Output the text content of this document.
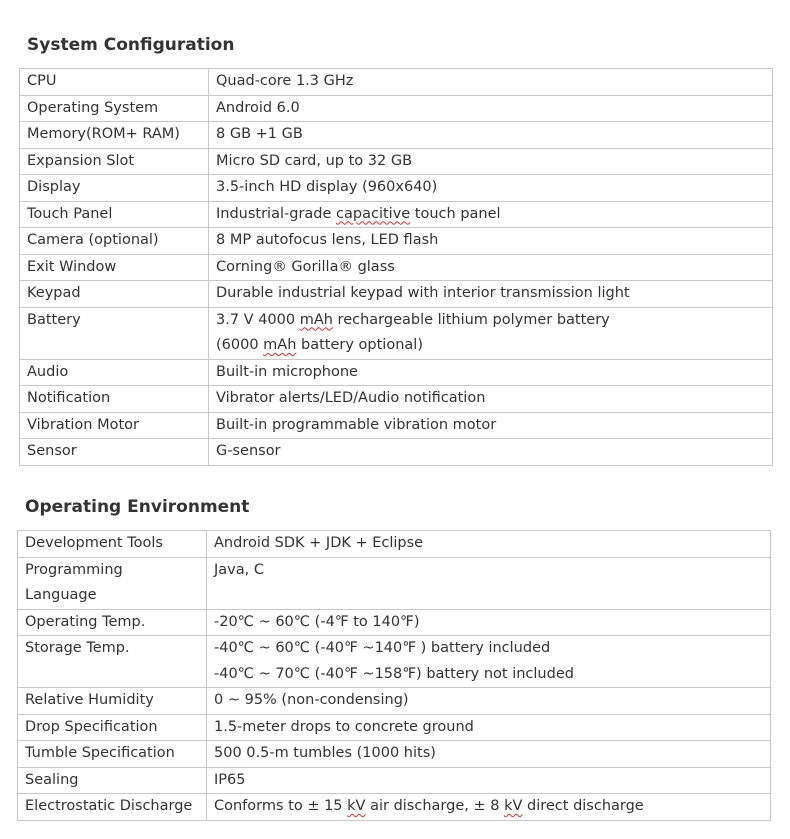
System Configuration
CPU	Quad-core 1.3 GHz

Operating System	Android 6.0

Memory(ROM+ RAM)	8 GB +1 GB

Expansion Slot	Micro SD card, up to 32 GB

Display	3.5-inch HD display (960x640)

Touch Panel	Industrial-grade capacitive touch panel

Camera (optional)	8 MP autofocus lens, LED flash

Exit Window	Corning® Gorilla® glass

Keypad	Durable industrial keypad with interior transmission light

Battery	3.7 V 4000 mAh rechargeable lithium polymer battery
(6000 mAh battery optional)

Audio	Built-in microphone

Notification	Vibrator alerts/LED/Audio notification

Vibration Motor	Built-in programmable vibration motor

Sensor	G-sensor
Operating Environment
Development Tools	Android SDK + JDK + Eclipse

Programming
Language	Java, C

Operating Temp.	-20℃ ~ 60℃ (-4℉ to 140℉)

Storage Temp.	-40℃ ~ 60℃ (-40℉ ~140℉ ) battery included
-40℃ ~ 70℃ (-40℉ ~158℉) battery not included

Relative Humidity	0 ~ 95% (non-condensing)

Drop Specification	1.5-meter drops to concrete ground

Tumble Specification	500 0.5-m tumbles (1000 hits)

Sealing	IP65

Electrostatic Discharge	Conforms to ± 15 kV air discharge, ± 8 kV direct discharge
